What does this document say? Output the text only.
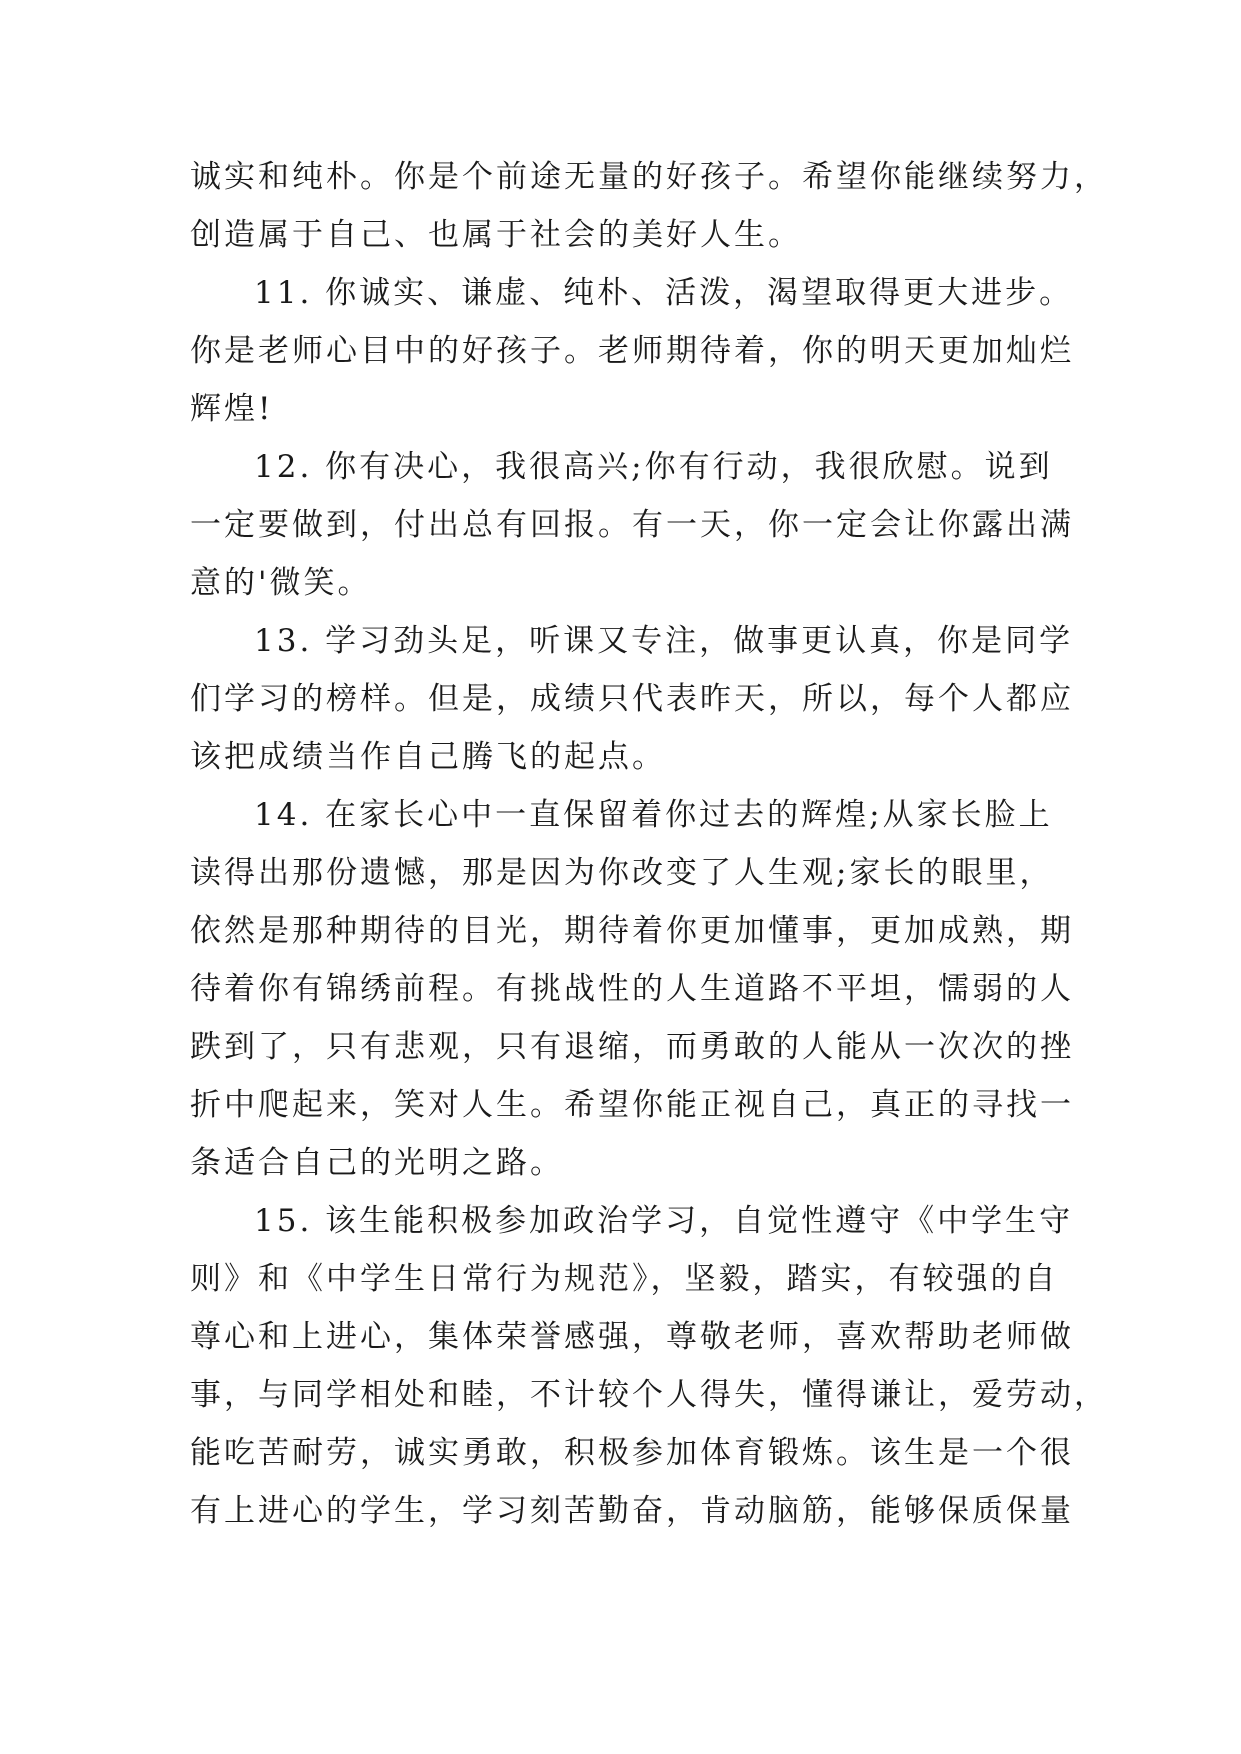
诚实和纯朴。你是个前途无量的好孩子。希望你能继续努力，
创造属于自己、也属于社会的美好人生。
11. 你诚实、谦虚、纯朴、活泼，渴望取得更大进步。
你是老师心目中的好孩子。老师期待着，你的明天更加灿烂
辉煌!
12. 你有决心，我很高兴;你有行动，我很欣慰。说到
一定要做到，付出总有回报。有一天，你一定会让你露出满
意的'微笑。
13. 学习劲头足，听课又专注，做事更认真，你是同学
们学习的榜样。但是，成绩只代表昨天，所以，每个人都应
该把成绩当作自己腾飞的起点。
14. 在家长心中一直保留着你过去的辉煌;从家长脸上
读得出那份遗憾，那是因为你改变了人生观;家长的眼里，
依然是那种期待的目光，期待着你更加懂事，更加成熟，期
待着你有锦绣前程。有挑战性的人生道路不平坦，懦弱的人
跌到了，只有悲观，只有退缩，而勇敢的人能从一次次的挫
折中爬起来，笑对人生。希望你能正视自己，真正的寻找一
条适合自己的光明之路。
15. 该生能积极参加政治学习，自觉性遵守《中学生守
则》和《中学生日常行为规范》，坚毅，踏实，有较强的自
尊心和上进心，集体荣誉感强，尊敬老师，喜欢帮助老师做
事，与同学相处和睦，不计较个人得失，懂得谦让，爱劳动，
能吃苦耐劳，诚实勇敢，积极参加体育锻炼。该生是一个很
有上进心的学生，学习刻苦勤奋，肯动脑筋，能够保质保量
